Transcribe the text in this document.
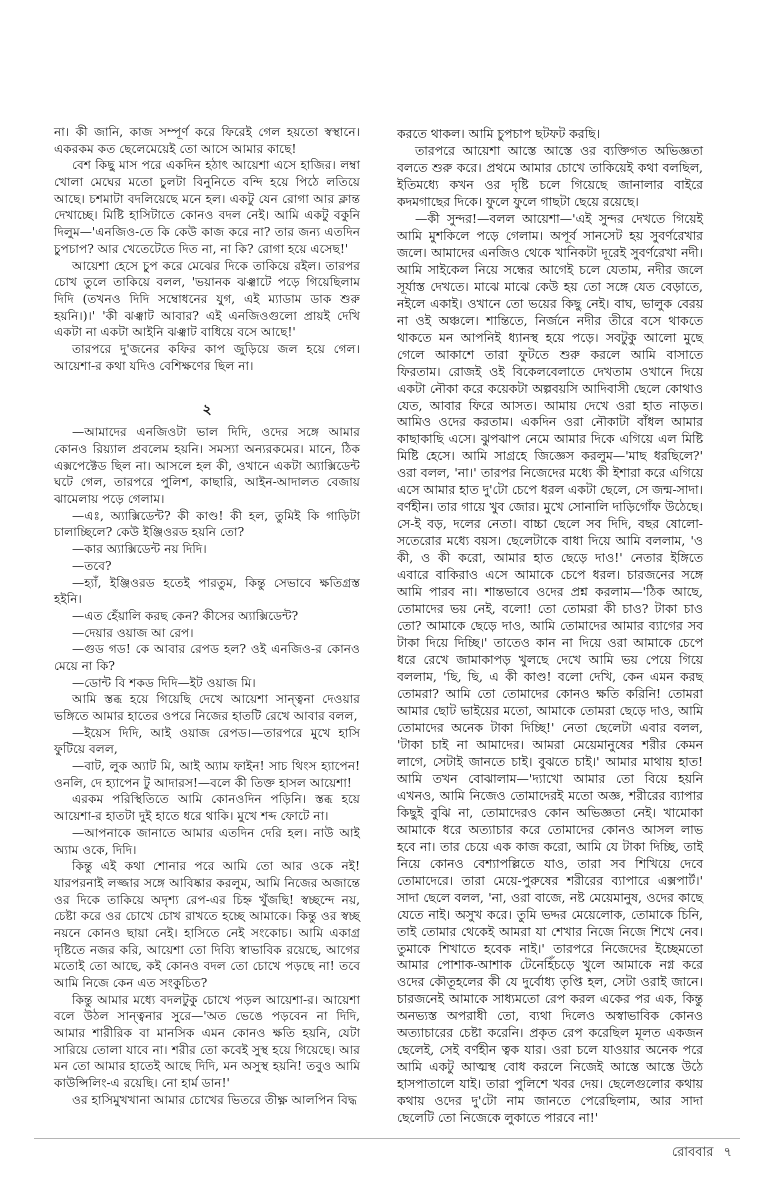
না। কী জানি, কাজ সম্পূর্ণ করে ফিরেই গেল হয়তো স্বস্থানে। একরকম কত ছেলেমেয়েই তো আসে আমার কাছে!

বেশ কিছু মাস পরে একদিন হঠাৎ আয়েশা এসে হাজির। লম্বা খোলা মেঘের মতো চুলটা বিনুনিতে বন্দি হয়ে পিঠে লতিয়ে আছে। চশমাটা বদলিয়েছে মনে হল। একটু যেন রোগা আর ক্লান্ত দেখাচ্ছে। মিষ্টি হাসিটাতে কোনও বদল নেই। আমি একটু বকুনি দিলুম—'এনজিও-তে কি কেউ কাজ করে না? তার জন্য এতদিন চুপচাপ? আর খেতেটেতে দিত না, না কি? রোগা হয়ে এসেছ!'

আয়েশা হেসে চুপ করে মেঝের দিকে তাকিয়ে রইল। তারপর চোখ তুলে তাকিয়ে বলল, 'ভয়ানক ঝঞ্ঝাটে পড়ে গিয়েছিলাম দিদি (তখনও দিদি সম্বোধনের যুগ, এই ম্যাডাম ডাক শুরু হয়নি।)।' 'কী ঝঞ্ঝাট আবার? এই এনজিওগুলো প্রায়ই দেখি একটা না একটা আইনি ঝঞ্ঝাট বাধিয়ে বসে আছে!'

তারপরে দু'জনের কফির কাপ জুড়িয়ে জল হয়ে গেল। আয়েশা-র কথা যদিও বেশিক্ষণের ছিল না।

২

—আমাদের এনজিওটা ভাল দিদি, ওদের সঙ্গে আমার কোনও রিয়্যাল প্রবলেম হয়নি। সমস্যা অন্যরকমের। মানে, ঠিক এক্সপেক্টেড ছিল না। আসলে হল কী, ওখানে একটা অ্যাক্সিডেন্ট ঘটে গেল, তারপরে পুলিশ, কাছারি, আইন-আদালত বেজায় ঝামেলায় পড়ে গেলাম।

—এঃ, অ্যাক্সিডেন্ট? কী কাণ্ড! কী হল, তুমিই কি গাড়িটা চালাচ্ছিলে? কেউ ইঞ্জিওরড হয়নি তো?

—কার অ্যাক্সিডেন্ট নয় দিদি।

—তবে?

—হ্যাঁ, ইঞ্জিওরড হতেই পারতুম, কিন্তু সেভাবে ক্ষতিগ্রস্ত হইনি।

—এত হেঁয়ালি করছ কেন? কীসের অ্যাক্সিডেন্ট?

—দেয়ার ওয়াজ আ রেপ।

—গুড গড! কে আবার রেপড হল? ওই এনজিও-র কোনও মেয়ে না কি?

—ডোন্ট বি শকড দিদি—ইট ওয়াজ মি।

আমি স্তব্ধ হয়ে গিয়েছি দেখে আয়েশা সান্ত্বনা দেওয়ার ভঙ্গিতে আমার হাতের ওপরে নিজের হাতটি রেখে আবার বলল,

—ইয়েস দিদি, আই ওয়াজ রেপড।—তারপরে মুখে হাসি ফুটিয়ে বলল,

—বাট, লুক অ্যাট মি, আই অ্যাম ফাইন! সাচ থিংস হ্যাপেন! ওনলি, দে হ্যাপেন টু আদারস!—বলে কী তিক্ত হাসল আয়েশা!

এরকম পরিস্থিতিতে আমি কোনওদিন পড়িনি। স্তব্ধ হয়ে আয়েশা-র হাতটা দুই হাতে ধরে থাকি। মুখে শব্দ ফোটে না।

—আপনাকে জানাতে আমার এতদিন দেরি হল। নাউ আই অ্যাম ওকে, দিদি।

কিন্তু এই কথা শোনার পরে আমি তো আর ওকে নই! যারপরনাই লজ্জার সঙ্গে আবিষ্কার করলুম, আমি নিজের অজান্তে ওর দিকে তাকিয়ে অদৃশ্য রেপ-এর চিহ্ন খুঁজছি! স্বচ্ছন্দে নয়, চেষ্টা করে ওর চোখে চোখ রাখতে হচ্ছে আমাকে। কিন্তু ওর স্বচ্ছ নয়নে কোনও ছায়া নেই। হাসিতে নেই সংকোচ। আমি একাগ্র দৃষ্টিতে নজর করি, আয়েশা তো দিব্যি স্বাভাবিক রয়েছে, আগের মতোই তো আছে, কই কোনও বদল তো চোখে পড়ছে না! তবে আমি নিজে কেন এত সংকুচিত?

কিন্তু আমার মধ্যে বদলটুকু চোখে পড়ল আয়েশা-র। আয়েশা বলে উঠল সান্ত্বনার সুরে—'অত ভেঙে পড়বেন না দিদি, আমার শারীরিক বা মানসিক এমন কোনও ক্ষতি হয়নি, যেটা সারিয়ে তোলা যাবে না। শরীর তো কবেই সুস্থ হয়ে গিয়েছে। আর মন তো আমার হাতেই আছে দিদি, মন অসুস্থ হয়নি! তবুও আমি কাউন্সিলিং-এ রয়েছি। নো হার্ম ডান!'

ওর হাসিমুখখানা আমার চোখের ভিতরে তীক্ষ্ণ আলপিন বিদ্ধ

করতে থাকল। আমি চুপচাপ ছটফট করছি।

তারপরে আয়েশা আস্তে আস্তে ওর ব্যক্তিগত অভিজ্ঞতা বলতে শুরু করে। প্রথমে আমার চোখে তাকিয়েই কথা বলছিল, ইতিমধ্যে কখন ওর দৃষ্টি চলে গিয়েছে জানালার বাইরে কদমগাছের দিকে। ফুলে ফুলে গাছটা ছেয়ে রয়েছে।

—কী সুন্দর!—বলল আয়েশা—'এই সুন্দর দেখতে গিয়েই আমি মুশকিলে পড়ে গেলাম। অপূর্ব সানসেট হয় সুবর্ণরেখার জলে। আমাদের এনজিও থেকে খানিকটা দূরেই সুবর্ণরেখা নদী। আমি সাইকেল নিয়ে সন্ধের আগেই চলে যেতাম, নদীর জলে সূর্যাস্ত দেখতে। মাঝে মাঝে কেউ হয় তো সঙ্গে যেত বেড়াতে, নইলে একাই। ওখানে তো ভয়ের কিছু নেই। বাঘ, ভালুক বেরয় না ওই অঞ্চলে। শান্তিতে, নির্জনে নদীর তীরে বসে থাকতে থাকতে মন আপনিই ধ্যানস্থ হয়ে পড়ে। সবটুকু আলো মুছে গেলে আকাশে তারা ফুটতে শুরু করলে আমি বাসাতে ফিরতাম। রোজই ওই বিকেলবেলাতে দেখতাম ওখানে দিয়ে একটা নৌকা করে কয়েকটা অল্পবয়সি আদিবাসী ছেলে কোথাও যেত, আবার ফিরে আসত। আমায় দেখে ওরা হাত নাড়ত। আমিও ওদের করতাম। একদিন ওরা নৌকাটা বাঁধল আমার কাছাকাছি এসে। ঝুপঝাপ নেমে আমার দিকে এগিয়ে এল মিষ্টি মিষ্টি হেসে। আমি সাগ্রহে জিজ্ঞেস করলুম—'মাছ ধরছিলে?' ওরা বলল, 'না।' তারপর নিজেদের মধ্যে কী ইশারা করে এগিয়ে এসে আমার হাত দু'টো চেপে ধরল একটা ছেলে, সে জন্ম-সাদা। বর্ণহীন। তার গায়ে খুব জোর। মুখে সোনালি দাড়িগোঁফ উঠেছে। সে-ই বড়, দলের নেতা। বাচ্চা ছেলে সব দিদি, বছর ষোলো-সতেরোর মধ্যে বয়স। ছেলেটাকে বাধা দিয়ে আমি বললাম, 'ও কী, ও কী করো, আমার হাত ছেড়ে দাও!' নেতার ইঙ্গিতে এবারে বাকিরাও এসে আমাকে চেপে ধরল। চারজনের সঙ্গে আমি পারব না। শান্তভাবে ওদের প্রশ্ন করলাম—'ঠিক আছে, তোমাদের ভয় নেই, বলো! তো তোমরা কী চাও? টাকা চাও তো? আমাকে ছেড়ে দাও, আমি তোমাদের আমার ব্যাগের সব টাকা দিয়ে দিচ্ছি।' তাতেও কান না দিয়ে ওরা আমাকে চেপে ধরে রেখে জামাকাপড় খুলছে দেখে আমি ভয় পেয়ে গিয়ে বললাম, 'ছি, ছি, এ কী কাণ্ড! বলো দেখি, কেন এমন করছ তোমরা? আমি তো তোমাদের কোনও ক্ষতি করিনি! তোমরা আমার ছোট ভাইয়ের মতো, আমাকে তোমরা ছেড়ে দাও, আমি তোমাদের অনেক টাকা দিচ্ছি!' নেতা ছেলেটা এবার বলল, 'টাকা চাই না আমাদের। আমরা মেয়েমানুষের শরীর কেমন লাগে, সেটাই জানতে চাই। বুঝতে চাই।' আমার মাথায় হাত! আমি তখন বোঝালাম—'দ্যাখো আমার তো বিয়ে হয়নি এখনও, আমি নিজেও তোমাদেরই মতো অজ্ঞ, শরীরের ব্যাপার কিছুই বুঝি না, তোমাদেরও কোন অভিজ্ঞতা নেই। খামোকা আমাকে ধরে অত্যাচার করে তোমাদের কোনও আসল লাভ হবে না। তার চেয়ে এক কাজ করো, আমি যে টাকা দিচ্ছি, তাই নিয়ে কোনও বেশ্যাপল্লিতে যাও, তারা সব শিখিয়ে দেবে তোমাদেরে। তারা মেয়ে-পুরুষের শরীরের ব্যাপারে এক্সপার্ট।' সাদা ছেলে বলল, 'না, ওরা বাজে, নষ্ট মেয়েমানুষ, ওদের কাছে যেতে নাই। অসুখ করে। তুমি ভদ্দর মেয়েলোক, তোমাকে চিনি, তাই তোমার থেকেই আমরা যা শেখার নিজে নিজে শিখে নেব। তুমাকে শিখাতে হবেক নাই।' তারপরে নিজেদের ইচ্ছেমতো আমার পোশাক-আশাক টেনেহিঁচড়ে খুলে আমাকে নগ্ন করে ওদের কৌতূহলের কী যে দুর্বোধ্য তৃপ্তি হল, সেটা ওরাই জানে। চারজনেই আমাকে সাধ্যমতো রেপ করল একের পর এক, কিন্তু অনভ্যস্ত অপরাধী তো, ব্যথা দিলেও অস্বাভাবিক কোনও অত্যাচারের চেষ্টা করেনি। প্রকৃত রেপ করেছিল মূলত একজন ছেলেই, সেই বর্ণহীন ত্বক যার। ওরা চলে যাওয়ার অনেক পরে আমি একটু আত্মস্থ বোধ করলে নিজেই আস্তে আস্তে উঠে হাসপাতালে যাই। তারা পুলিশে খবর দেয়। ছেলেগুলোর কথায় কথায় ওদের দু'টো নাম জানতে পেরেছিলাম, আর সাদা ছেলেটি তো নিজেকে লুকাতে পারবে না!'

রোববার ৭
